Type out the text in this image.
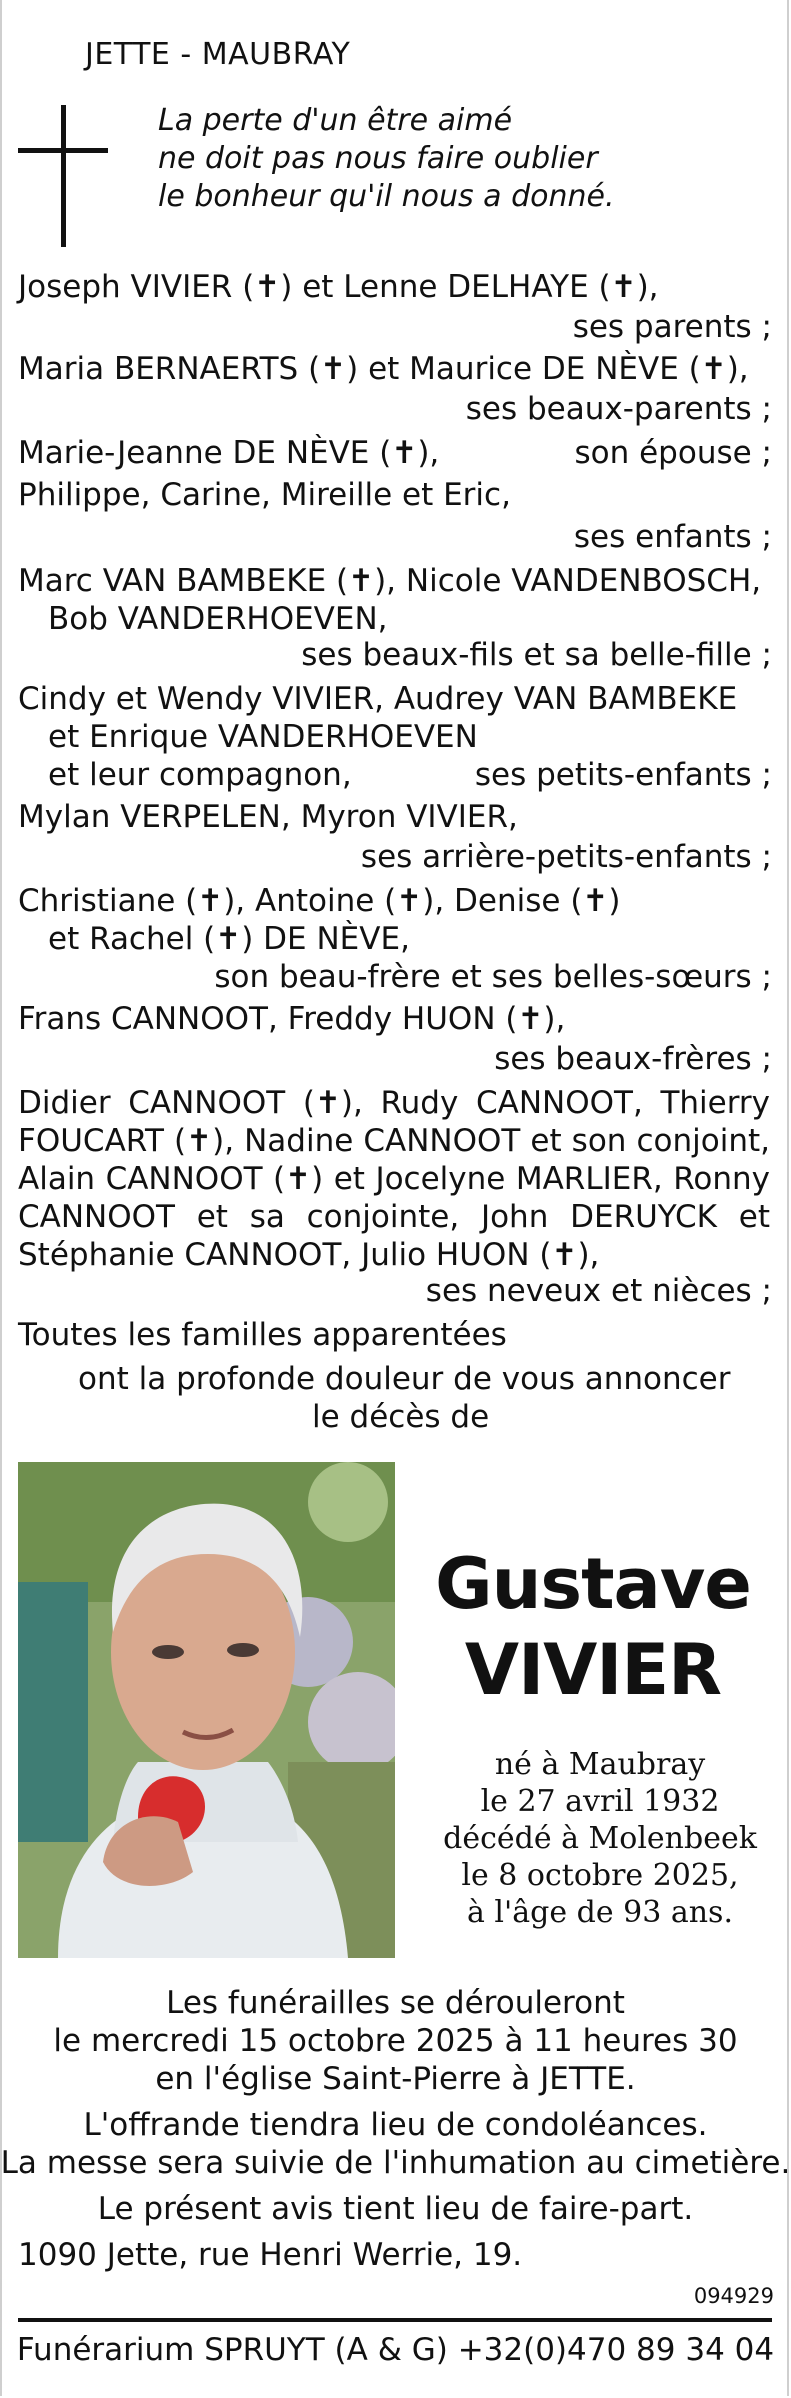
JETTE - MAUBRAY
La perte d'un être aimé
ne doit pas nous faire oublier
le bonheur qu'il nous a donné.
Joseph VIVIER (✝) et Lenne DELHAYE (✝),
ses parents ;
Maria BERNAERTS (✝) et Maurice DE NÈVE (✝),
ses beaux-parents ;
Marie-Jeanne DE NÈVE (✝),	son épouse ;
Philippe, Carine, Mireille et Eric,
ses enfants ;
Marc VAN BAMBEKE (✝), Nicole VANDENBOSCH,
Bob VANDERHOEVEN,
ses beaux-fils et sa belle-fille ;
Cindy et Wendy VIVIER, Audrey VAN BAMBEKE
et Enrique VANDERHOEVEN
et leur compagnon,	ses petits-enfants ;
Mylan VERPELEN, Myron VIVIER,
ses arrière-petits-enfants ;
Christiane (✝), Antoine (✝), Denise (✝)
et Rachel (✝) DE NÈVE,
son beau-frère et ses belles-sœurs ;
Frans CANNOOT, Freddy HUON (✝),
ses beaux-frères ;
Didier CANNOOT (✝), Rudy CANNOOT, Thierry FOUCART (✝), Nadine CANNOOT et son conjoint, Alain CANNOOT (✝) et Jocelyne MARLIER, Ronny CANNOOT et sa conjointe, John DERUYCK et Stéphanie CANNOOT, Julio HUON (✝),
ses neveux et nièces ;
Toutes les familles apparentées
ont la profonde douleur de vous annoncer
le décès de
Gustave
VIVIER
né à Maubray
le 27 avril 1932
décédé à Molenbeek
le 8 octobre 2025,
à l'âge de 93 ans.
Les funérailles se dérouleront
le mercredi 15 octobre 2025 à 11 heures 30
en l'église Saint-Pierre à JETTE.
L'offrande tiendra lieu de condoléances.
La messe sera suivie de l'inhumation au cimetière.
Le présent avis tient lieu de faire-part.
1090 Jette, rue Henri Werrie, 19.
094929
Funérarium SPRUYT (A & G) +32(0)470 89 34 04
